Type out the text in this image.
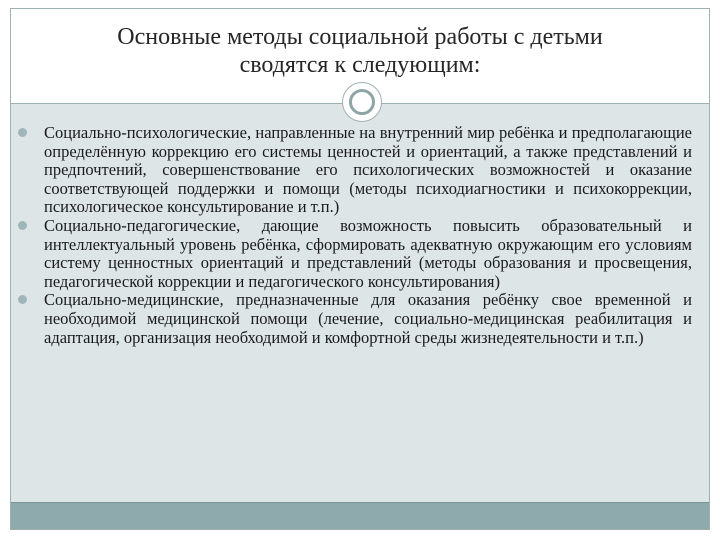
Основные методы социальной работы с детьми
сводятся к следующим:
Социально-психологические, направленные на внутренний мир ребёнка и предполагающие определённую коррекцию его системы ценностей и ориентаций, а также представлений и предпочтений, совершенствование его психологических возможностей и оказание соответствующей поддержки и помощи (методы психодиагностики и психокоррекции, психологическое консультирование и т.п.)
Социально-педагогические, дающие возможность повысить образовательный и интеллектуальный уровень ребёнка, сформировать адекватную окружающим его условиям систему ценностных ориентаций и представлений (методы образования и просвещения, педагогической коррекции и педагогического консультирования)
Социально-медицинские, предназначенные для оказания ребёнку свое временной и необходимой медицинской помощи (лечение, социально-медицинская реабилитация и адаптация, организация необходимой и комфортной среды жизнедеятельности и т.п.)
